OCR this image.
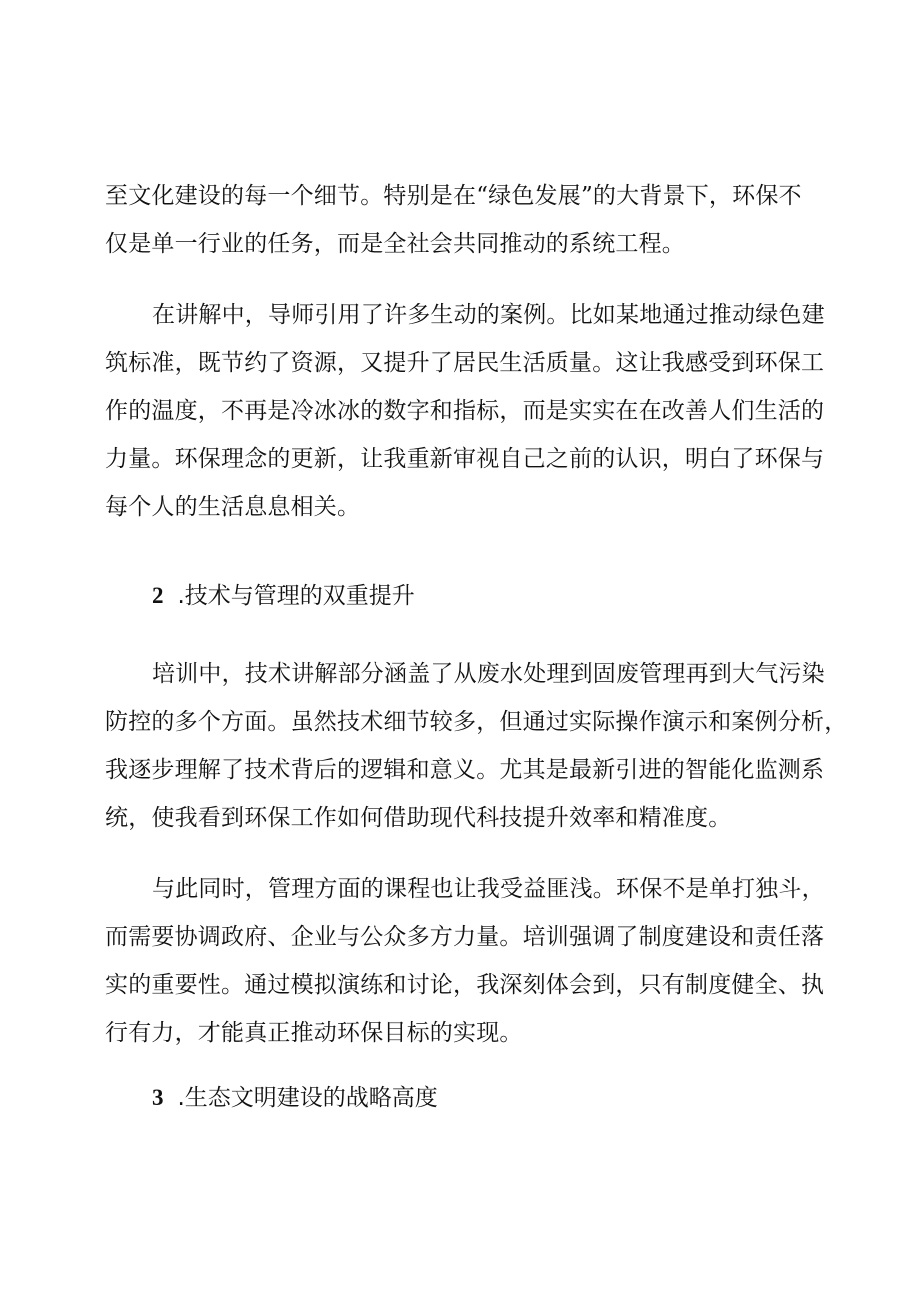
至文化建设的每一个细节。特别是在“绿色发展”的大背景下，环保不
仅是单一行业的任务，而是全社会共同推动的系统工程。
在讲解中，导师引用了许多生动的案例。比如某地通过推动绿色建
筑标准，既节约了资源，又提升了居民生活质量。这让我感受到环保工
作的温度，不再是冷冰冰的数字和指标，而是实实在在改善人们生活的
力量。环保理念的更新，让我重新审视自己之前的认识，明白了环保与
每个人的生活息息相关。
2 .技术与管理的双重提升
培训中，技术讲解部分涵盖了从废水处理到固废管理再到大气污染
防控的多个方面。虽然技术细节较多，但通过实际操作演示和案例分析，
我逐步理解了技术背后的逻辑和意义。尤其是最新引进的智能化监测系
统，使我看到环保工作如何借助现代科技提升效率和精准度。
与此同时，管理方面的课程也让我受益匪浅。环保不是单打独斗，
而需要协调政府、企业与公众多方力量。培训强调了制度建设和责任落
实的重要性。通过模拟演练和讨论，我深刻体会到，只有制度健全、执
行有力，才能真正推动环保目标的实现。
3 .生态文明建设的战略高度
